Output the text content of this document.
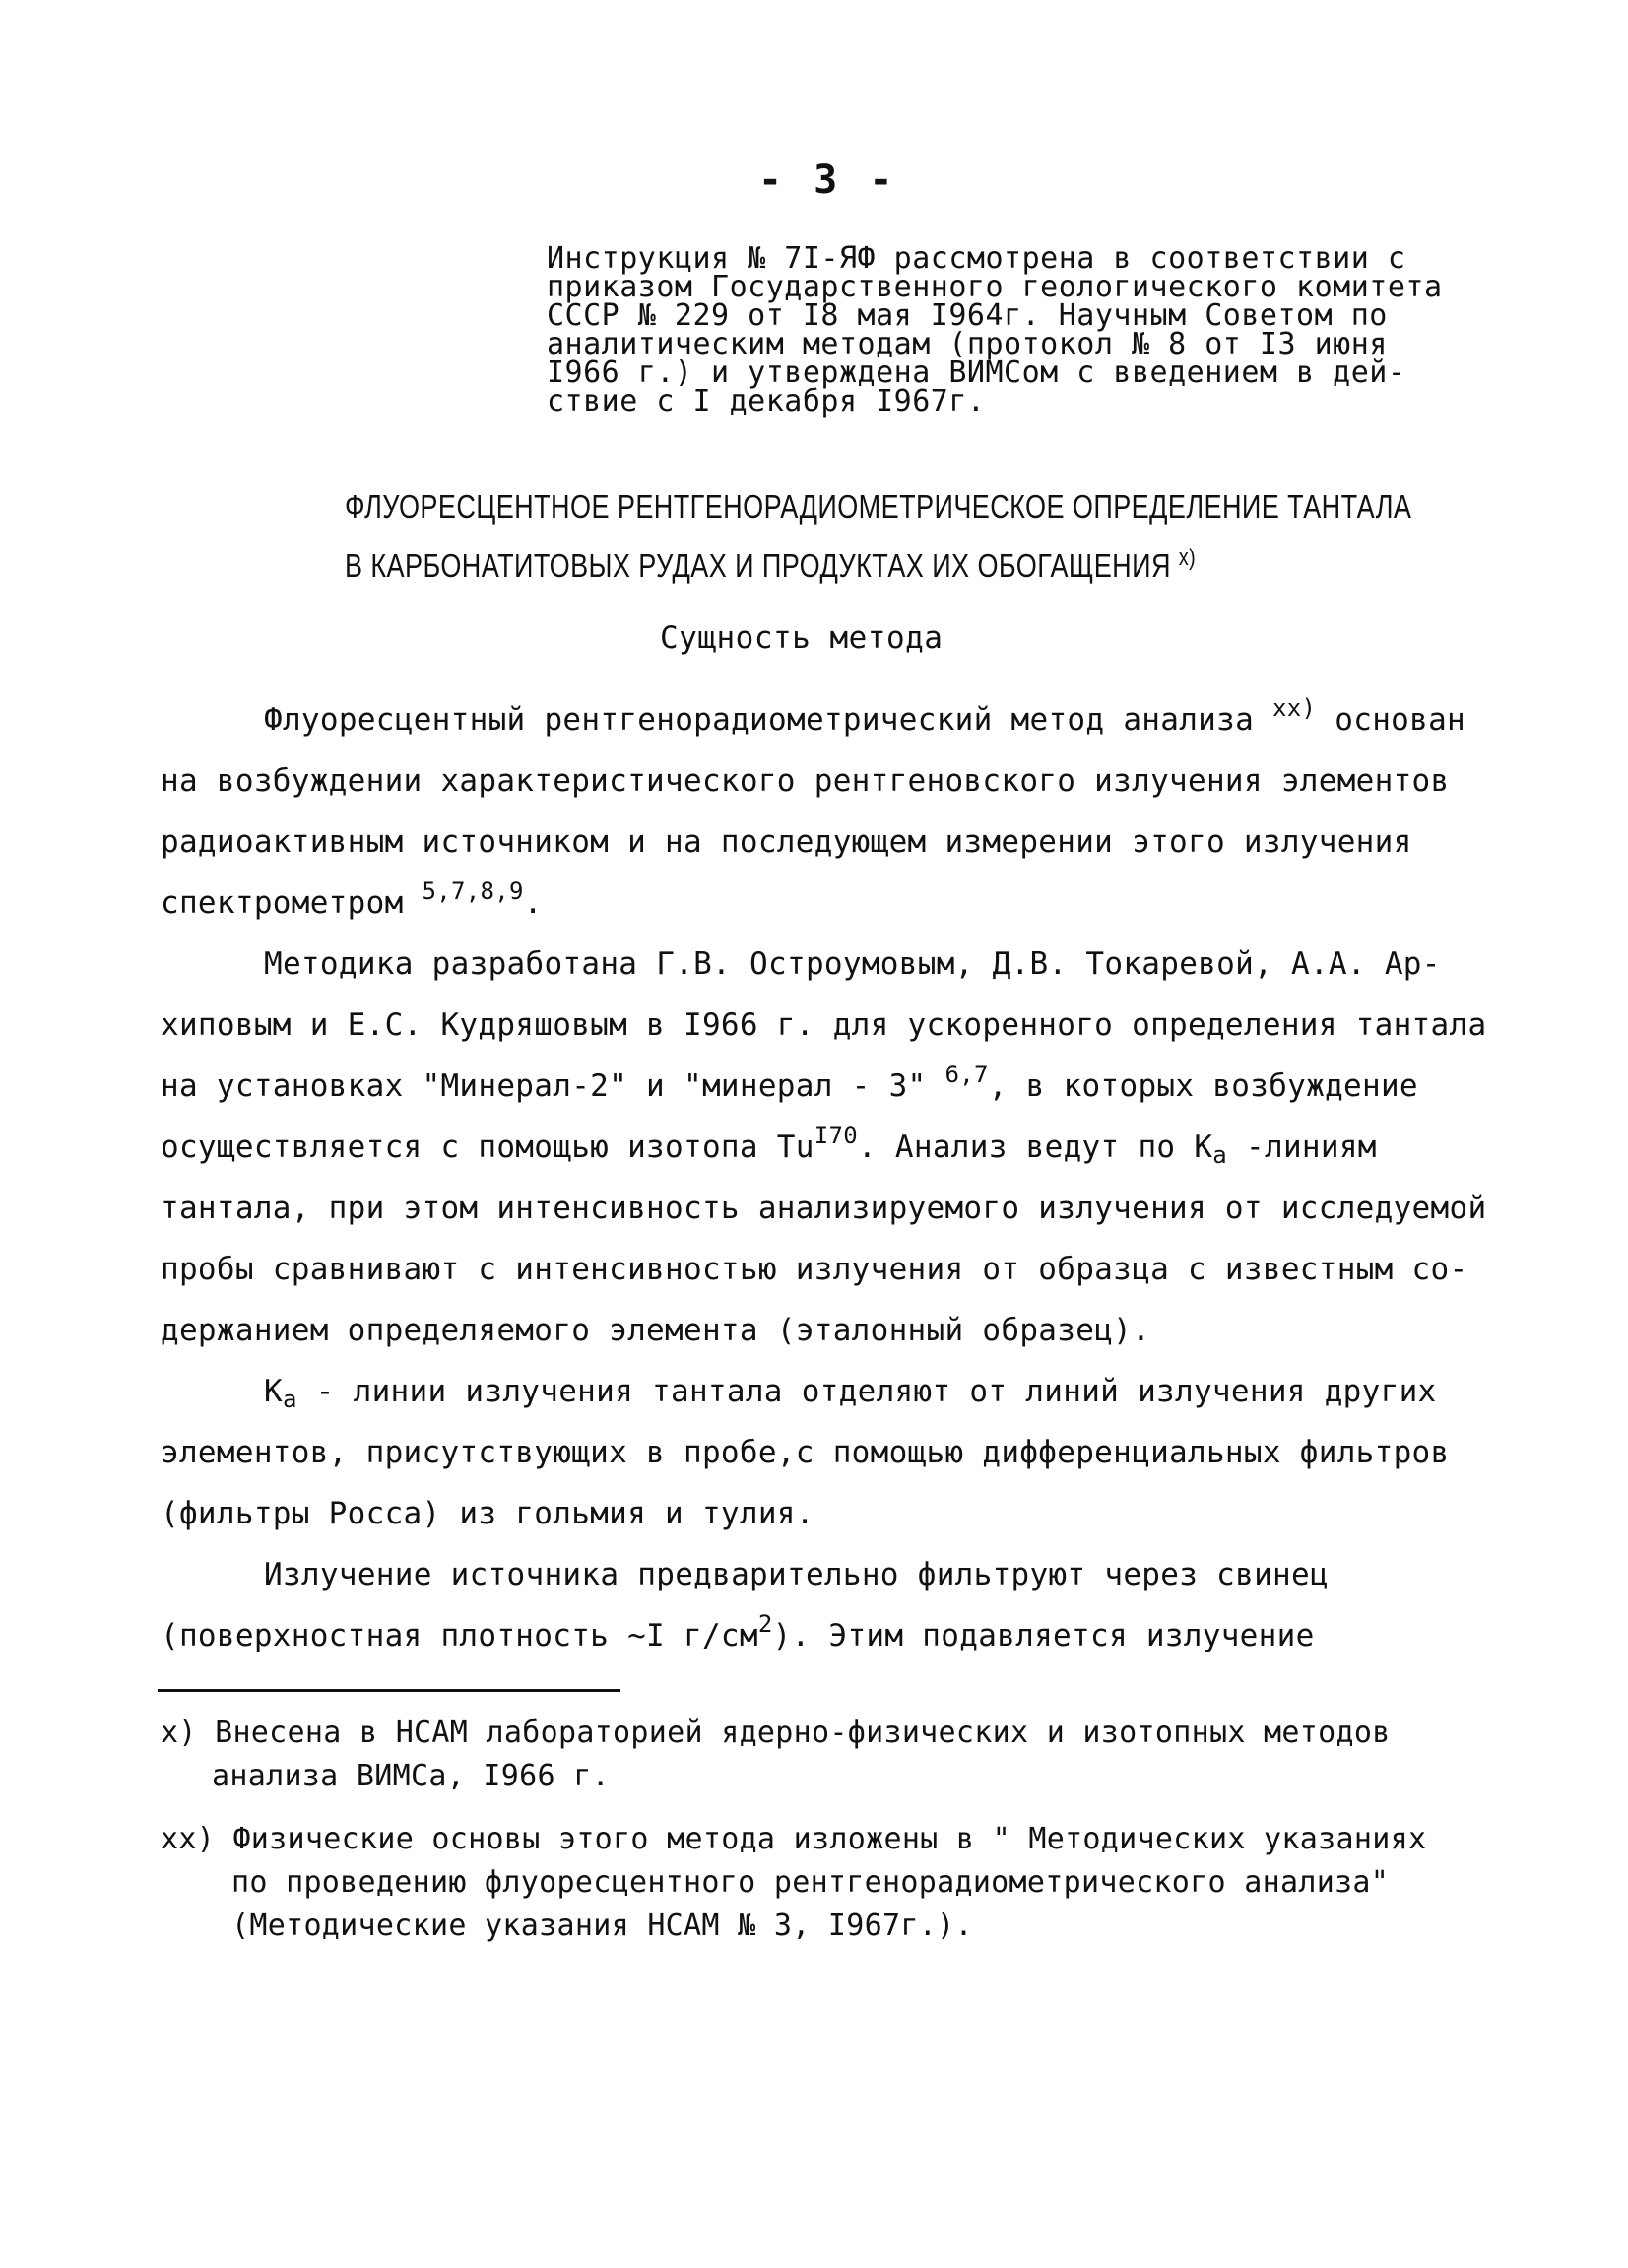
- 3 -
Инструкция № 7I-ЯФ рассмотрена в соответствии с
приказом Государственного геологического комитета
СССР № 229 от I8 мая I964г. Научным Советом по
аналитическим методам (протокол № 8 от I3 июня
I966 г.) и утверждена ВИМСом с введением в дей-
ствие с I декабря I967г.
ФЛУОРЕСЦЕНТНОЕ РЕНТГЕНОРАДИОМЕТРИЧЕСКОЕ ОПРЕДЕЛЕНИЕ ТАНТАЛА
В КАРБОНАТИТОВЫХ РУДАХ И ПРОДУКТАХ ИХ ОБОГАЩЕНИЯ $^{x)}$
Сущность метода
Флуоресцентный рентгенорадиометрический метод анализа $^{xx)}$ основан
на возбуждении характеристического рентгеновского излучения элементов
радиоактивным источником и на последующем измерении этого излучения
спектрометром $^{5,7,8,9}$.
Методика разработана Г.В. Остроумовым, Д.В. Токаревой, А.А. Ар-
хиповым и Е.С. Кудряшовым в I966 г. для ускоренного определения тантала
на установках "Минерал-2" и "минерал - 3" $^{6,7}$, в которых возбуждение
осуществляется с помощью изотопа $Tu^{I70}$. Анализ ведут по $K_a$ -линиям
тантала, при этом интенсивность анализируемого излучения от исследуемой
пробы сравнивают с интенсивностью излучения от образца с известным со-
держанием определяемого элемента (эталонный образец).
$K_a$ - линии излучения тантала отделяют от линий излучения других
элементов, присутствующих в пробе,с помощью дифференциальных фильтров
(фильтры Росса) из гольмия и тулия.
Излучение источника предварительно фильтруют через свинец
(поверхностная плотность ~I $г/см^2$). Этим подавляется излучение
x) Внесена в НСАМ лабораторией ядерно-физических и изотопных методов
анализа ВИМСа, I966 г.
xx) Физические основы этого метода изложены в " Методических указаниях
по проведению флуоресцентного рентгенорадиометрического анализа"
(Методические указания НСАМ № 3, I967г.).
